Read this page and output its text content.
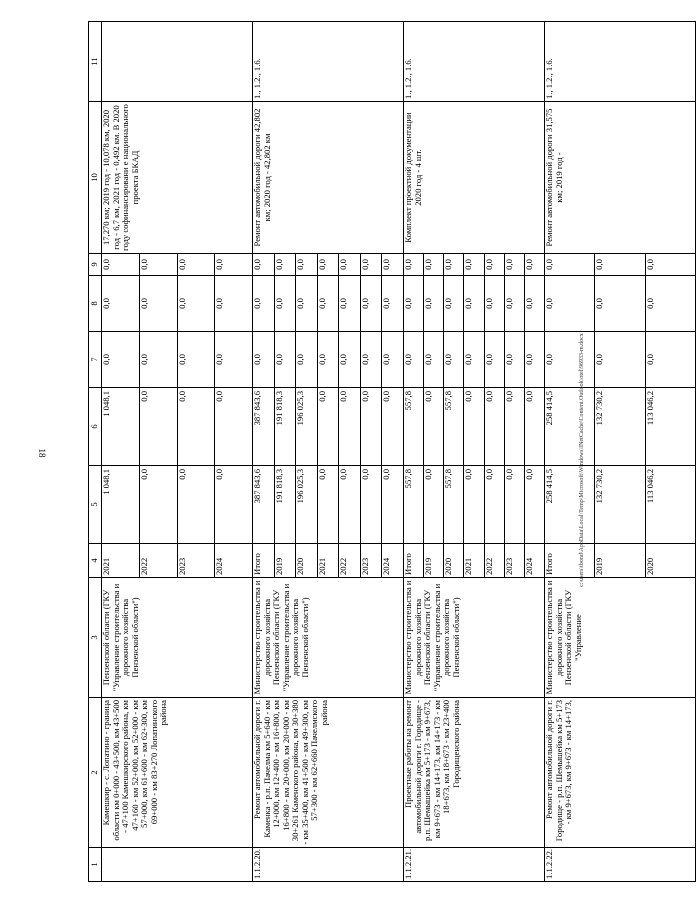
18
1	2	3	4	5	6	7	8	9	10	11
	Камешкир - с. Лопатино - граница области км 0+000 - 43+500, км 43+500 - 47+100 Камешкирского района, км 47+160 - км 52+000, км 52+000 - км 57+000, км 61+600 - км 62+300, км 69+000 - км 83+270 Лопатинского района	Пензенской области (ГКУ "Управление строительства и дорожного хозяйства Пензенской области")	2021	1 048,1	1 048,1	0,0	0,0	0,0	17,270 км; 2019 год - 10,078 км, 2020 год - 6,7 км, 2021 год - 0,492 км. В 2020 году софинансировани е национального проекта БКАД	
			2022	0,0	0,0	0,0	0,0	0,0		
			2023	0,0	0,0	0,0	0,0	0,0		
			2024	0,0	0,0	0,0	0,0	0,0		
1.1.2.20.	Ремонт автомобильной дороги г. Каменка - р.п. Пачелма км 5+640 - км 12+000, км 12+400 - км 16+800, км 16+800 - км 20+000, км 20+000 - км 30+261 Каменского района, км 30+380 - км 35+400, км 41+500 - км 49+300, км 57+300 - км 62+660 Пачелмского района	Министерство строительства и дорожного хозяйства Пензенской области (ГКУ "Управление строительства и дорожного хозяйства Пензенской области")	Итого	387 843,6	387 843,6	0,0	0,0	0,0	Ремонт автомобильной дороги 42,802 км; 2020 год - 42,802 км	1., 1.2., 1.6.
			2019	191 818,3	191 818,3	0,0	0,0	0,0		
			2020	196 025,3	196 025,3	0,0	0,0	0,0		
			2021	0,0	0,0	0,0	0,0	0,0		
			2022	0,0	0,0	0,0	0,0	0,0		
			2023	0,0	0,0	0,0	0,0	0,0		
			2024	0,0	0,0	0,0	0,0	0,0		
1.1.2.21.	Проектные работы на ремонт автомобильной дороги г. Городище - р.п. Шемышейка км 5+173 - км 9+673, км 9+673 - км 14+173, км 14+173 - км 18+673, км 18+673 - км 23+400 Городищенского района	Министерство строительства и дорожного хозяйства Пензенской области (ГКУ "Управление строительства и дорожного хозяйства Пензенской области")	Итого	557,8	557,8	0,0	0,0	0,0	Комплект проектной документации 2020 год - 4 шт.	1., 1.2., 1.6.
			2019	0,0	0,0	0,0	0,0	0,0		
			2020	557,8	557,8	0,0	0,0	0,0		
			2021	0,0	0,0	0,0	0,0	0,0		
			2022	0,0	0,0	0,0	0,0	0,0		
			2023	0,0	0,0	0,0	0,0	0,0		
			2024	0,0	0,0	0,0	0,0	0,0		
1.1.2.22.	Ремонт автомобильной дороги г. Городище - р.п. Шемышейка км 5+173 - км 9+673, км 9+673 - км 14+173,	Министерство строительства и дорожного хозяйства Пензенской области (ГКУ "Управление	Итого	258 414,5	258 414,5	0,0	0,0	0,0	Ремонт автомобильной дороги 31,575 км; 2019 год -	1., 1.2., 1.6.
			2019	132 730,2	132 730,2	0,0	0,0	0,0		
			2020	113 046,2	113 046,2	0,0	0,0	0,0		
c:\users\tbond\AppData\Local\Temp\Microsoft\Windows\INetCache\Content.Outlook\otel\96933-m.docx
